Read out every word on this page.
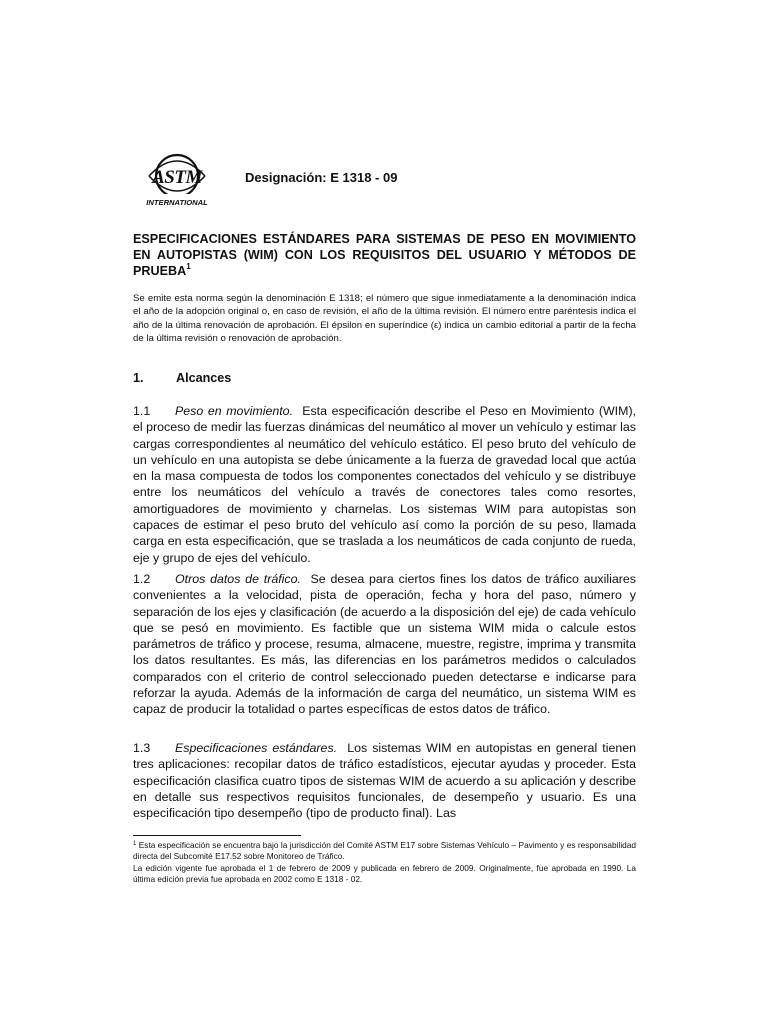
ASTM
INTERNATIONAL
Designación: E 1318 - 09
ESPECIFICACIONES ESTÁNDARES PARA SISTEMAS DE PESO EN MOVIMIENTO EN AUTOPISTAS (WIM) CON LOS REQUISITOS DEL USUARIO Y MÉTODOS DE PRUEBA$^1$

Se emite esta norma según la denominación E 1318; el número que sigue inmediatamente a la denominación indica el año de la adopción original o, en caso de revisión, el año de la última revisión. El número entre paréntesis indica el año de la última renovación de aprobación. El épsilon en superíndice (ε) indica un cambio editorial a partir de la fecha de la última revisión o renovación de aprobación.

1.	Alcances

1.1 Peso en movimiento. Esta especificación describe el Peso en Movimiento (WIM), el proceso de medir las fuerzas dinámicas del neumático al mover un vehículo y estimar las cargas correspondientes al neumático del vehículo estático. El peso bruto del vehículo de un vehículo en una autopista se debe únicamente a la fuerza de gravedad local que actúa en la masa compuesta de todos los componentes conectados del vehículo y se distribuye entre los neumáticos del vehículo a través de conectores tales como resortes, amortiguadores de movimiento y charnelas. Los sistemas WIM para autopistas son capaces de estimar el peso bruto del vehículo así como la porción de su peso, llamada carga en esta especificación, que se traslada a los neumáticos de cada conjunto de rueda, eje y grupo de ejes del vehículo.

1.2 Otros datos de tráfico. Se desea para ciertos fines los datos de tráfico auxiliares convenientes a la velocidad, pista de operación, fecha y hora del paso, número y separación de los ejes y clasificación (de acuerdo a la disposición del eje) de cada vehículo que se pesó en movimiento. Es factible que un sistema WIM mida o calcule estos parámetros de tráfico y procese, resuma, almacene, muestre, registre, imprima y transmita los datos resultantes. Es más, las diferencias en los parámetros medidos o calculados comparados con el criterio de control seleccionado pueden detectarse e indicarse para reforzar la ayuda. Además de la información de carga del neumático, un sistema WIM es capaz de producir la totalidad o partes específicas de estos datos de tráfico.

1.3 Especificaciones estándares. Los sistemas WIM en autopistas en general tienen tres aplicaciones: recopilar datos de tráfico estadísticos, ejecutar ayudas y proceder. Esta especificación clasifica cuatro tipos de sistemas WIM de acuerdo a su aplicación y describe en detalle sus respectivos requisitos funcionales, de desempeño y usuario. Es una especificación tipo desempeño (tipo de producto final). Las

$^1$ Esta especificación se encuentra bajo la jurisdicción del Comité ASTM E17 sobre Sistemas Vehículo – Pavimento y es responsabilidad directa del Subcomité E17.52 sobre Monitoreo de Tráfico.
La edición vigente fue aprobada el 1 de febrero de 2009 y publicada en febrero de 2009. Originalmente, fue aprobada en 1990. La última edición previa fue aprobada en 2002 como E 1318 - 02.
